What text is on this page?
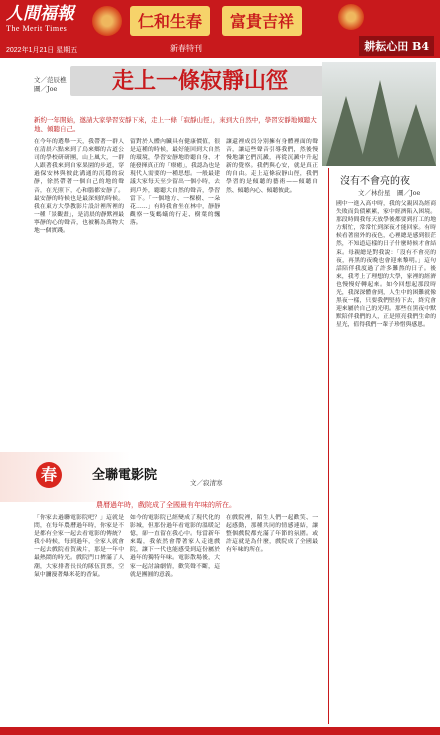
人間福報
The Merit Times
2022年1月21日 星期五
仁和生春	富貴吉祥
新春特刊	耕耘心田 B4
文／范辰樵
圖／Joe	走上一條寂靜山徑
新約一年開始，邀請大家學習安靜下來，走上一條「寂靜山徑」，來到大自然中，學習安靜地傾聽大地、傾聽自己。
在今年的選舉一天，我帶著一群人在清晨六點來到了烏來鄉的古道公司的學校研研團，山上風大，一群人跟著我來到自家果園的步道，穿過保安林與彼此溝通的沉穩的寂靜，徐然帶著一個自己的地的聲音，在光照下，心和腦都安靜了。最安靜的時候也是最深刻的時候。我在東方大學教影片設計裡所裡的一種「景觀畫」，是清晨的靜默裡最寧靜的心的聲音，也被稱為萬物大地一個實踐。
留對於人體內臟具有健康價值，很是這種的時候，最好能回到大自然的環境，學習安靜地聆聽自身、才能發揮真正的「療癒」，我認為也是現代人需要的一種思想。一般最建議大家每天至少留出一個小時，去到戶外，聽聽大自然的聲音，學習當下。「一個地方、一棵樹、一朵花……」有時我會坐在林中，靜靜觀察一隻螞蟻的行走、樹葉的飄落。
讓還裡成員分別擁有身體裡面的聲音，讓這些聲音引導我們，然後慢慢地讓它們沉澱，再從沉澱中升起新的覺察。我們與心安，就是真正的自由。走上這條寂靜山徑，我們學習的是傾聽的藝術——傾聽自然、傾聽內心、傾聽彼此。
沒有不會亮的夜
文／林份星　圖／Joe
國中一進入高中時，我的父親因為經商失敗而負債累累，家中經濟陷入困境。那段時間我每天放學後都要到打工的地方幫忙，常常忙到深夜才能回家。有時候看著窗外的夜色，心裡總是感到很茫然，不知道這樣的日子什麼時候才會結束。母親總是對我說：「沒有不會亮的夜，再黑的夜晚也會迎來黎明。」這句話陪伴我度過了許多難熬的日子。後來，我考上了理想的大學，家裡的經濟也慢慢好轉起來。如今回想起那段時光，我深深體會到，人生中的困難就像黑夜一樣，只要我們堅持下去，終究會迎來屬於自己的光明。那些在黑夜中默默陪伴我們的人，正是照亮我們生命的星光，值得我們一輩子珍惜與感恩。
春	全聯電影院	文／寂清寒
農曆過年時，戲院成了全國最有年味的所在。
「你家去過聯電影院吧？」這就是問，在每年農曆過年時，你家是不是都有全家一起去看電影的傳統？我小時候，每到過年，全家人就會一起去戲院看賀歲片，那是一年中最熱鬧的時光。戲院門口擠滿了人潮，大家排著長長的隊伍買票，空氣中瀰漫著爆米花的香氣。
如今的電影院已經變成了現代化的影城，但那份過年看電影的溫暖記憶，卻一直留在我心中。每當新年來臨，我依然會帶著家人走進戲院，讓下一代也能感受到這份屬於過年的獨特年味。電影散場後，大家一起討論劇情，歡笑聲不斷，這就是團圓的意義。
在戲院裡，陌生人們一起歡笑、一起感動，那種共同的情感連結，讓整個戲院都充滿了年節的氛圍。或許這就是為什麼，戲院成了全國最有年味的所在。
